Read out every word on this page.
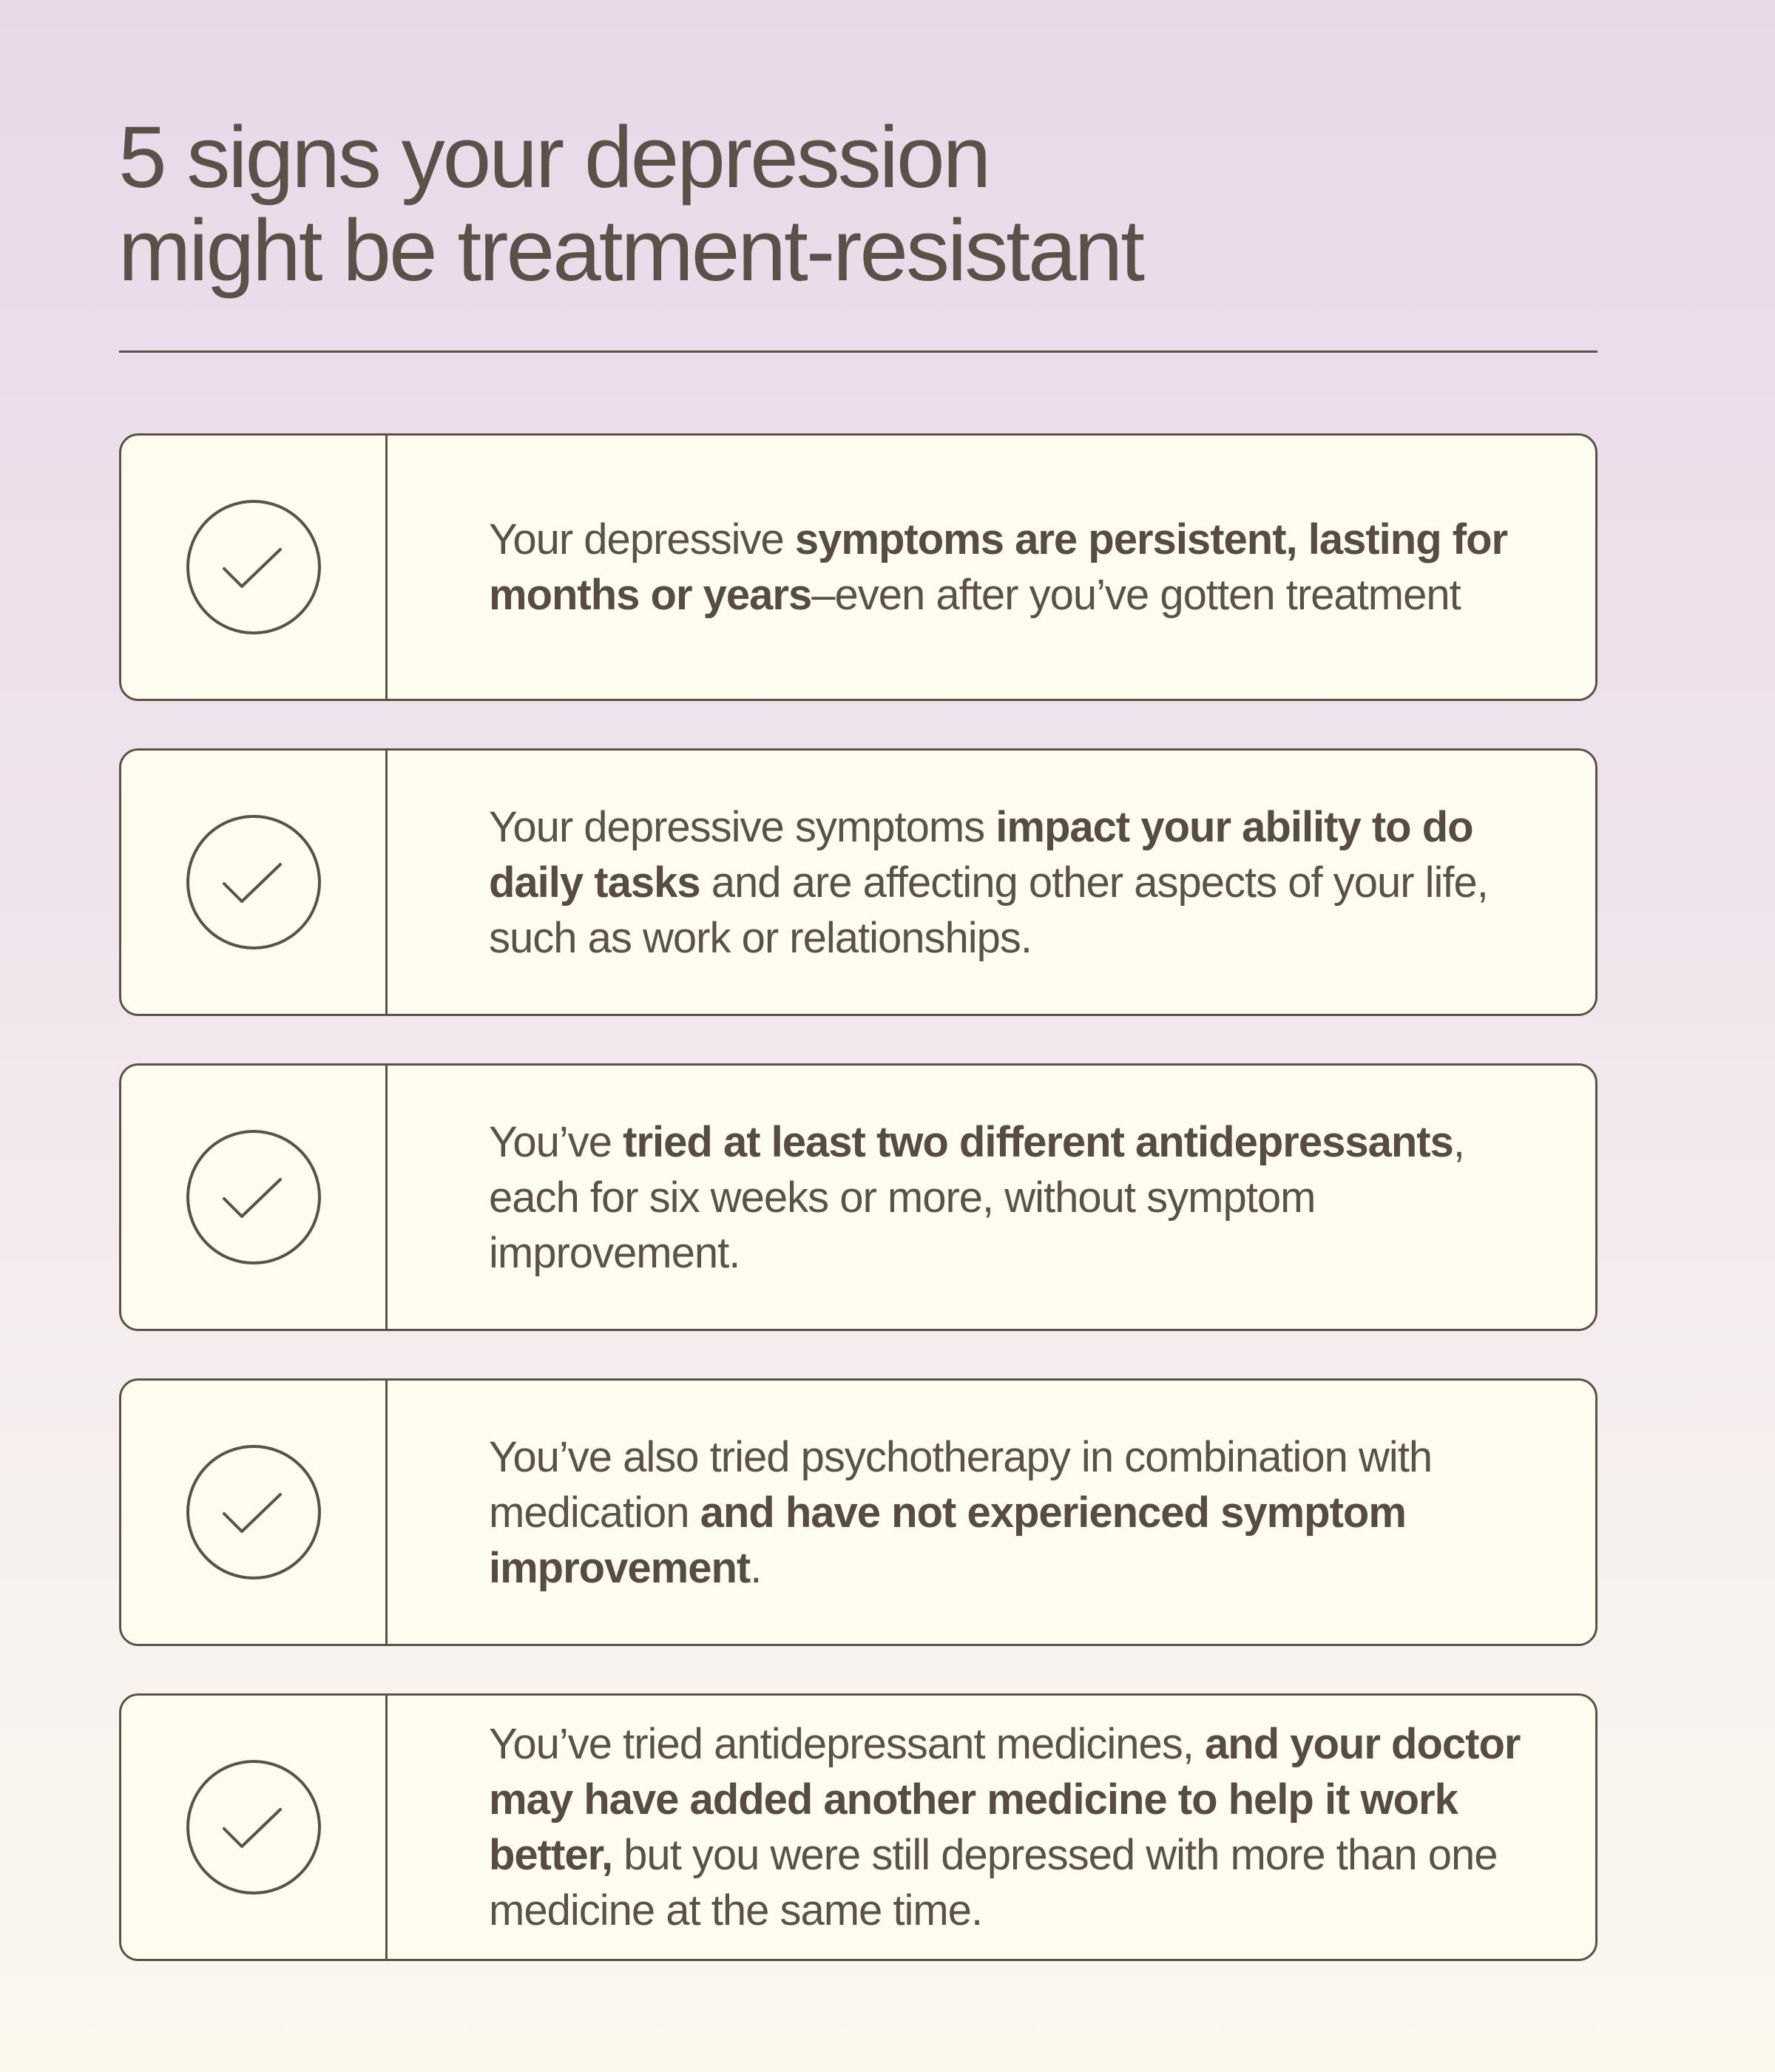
5 signs your depression
might be treatment-resistant

Your depressive symptoms are persistent, lasting for months or years–even after you’ve gotten treatment

Your depressive symptoms impact your ability to do daily tasks and are affecting other aspects of your life, such as work or relationships.

You’ve tried at least two different antidepressants, each for six weeks or more, without symptom improvement.

You’ve also tried psychotherapy in combination with medication and have not experienced symptom improvement.

You’ve tried antidepressant medicines, and your doctor may have added another medicine to help it work better, but you were still depressed with more than one medicine at the same time.
